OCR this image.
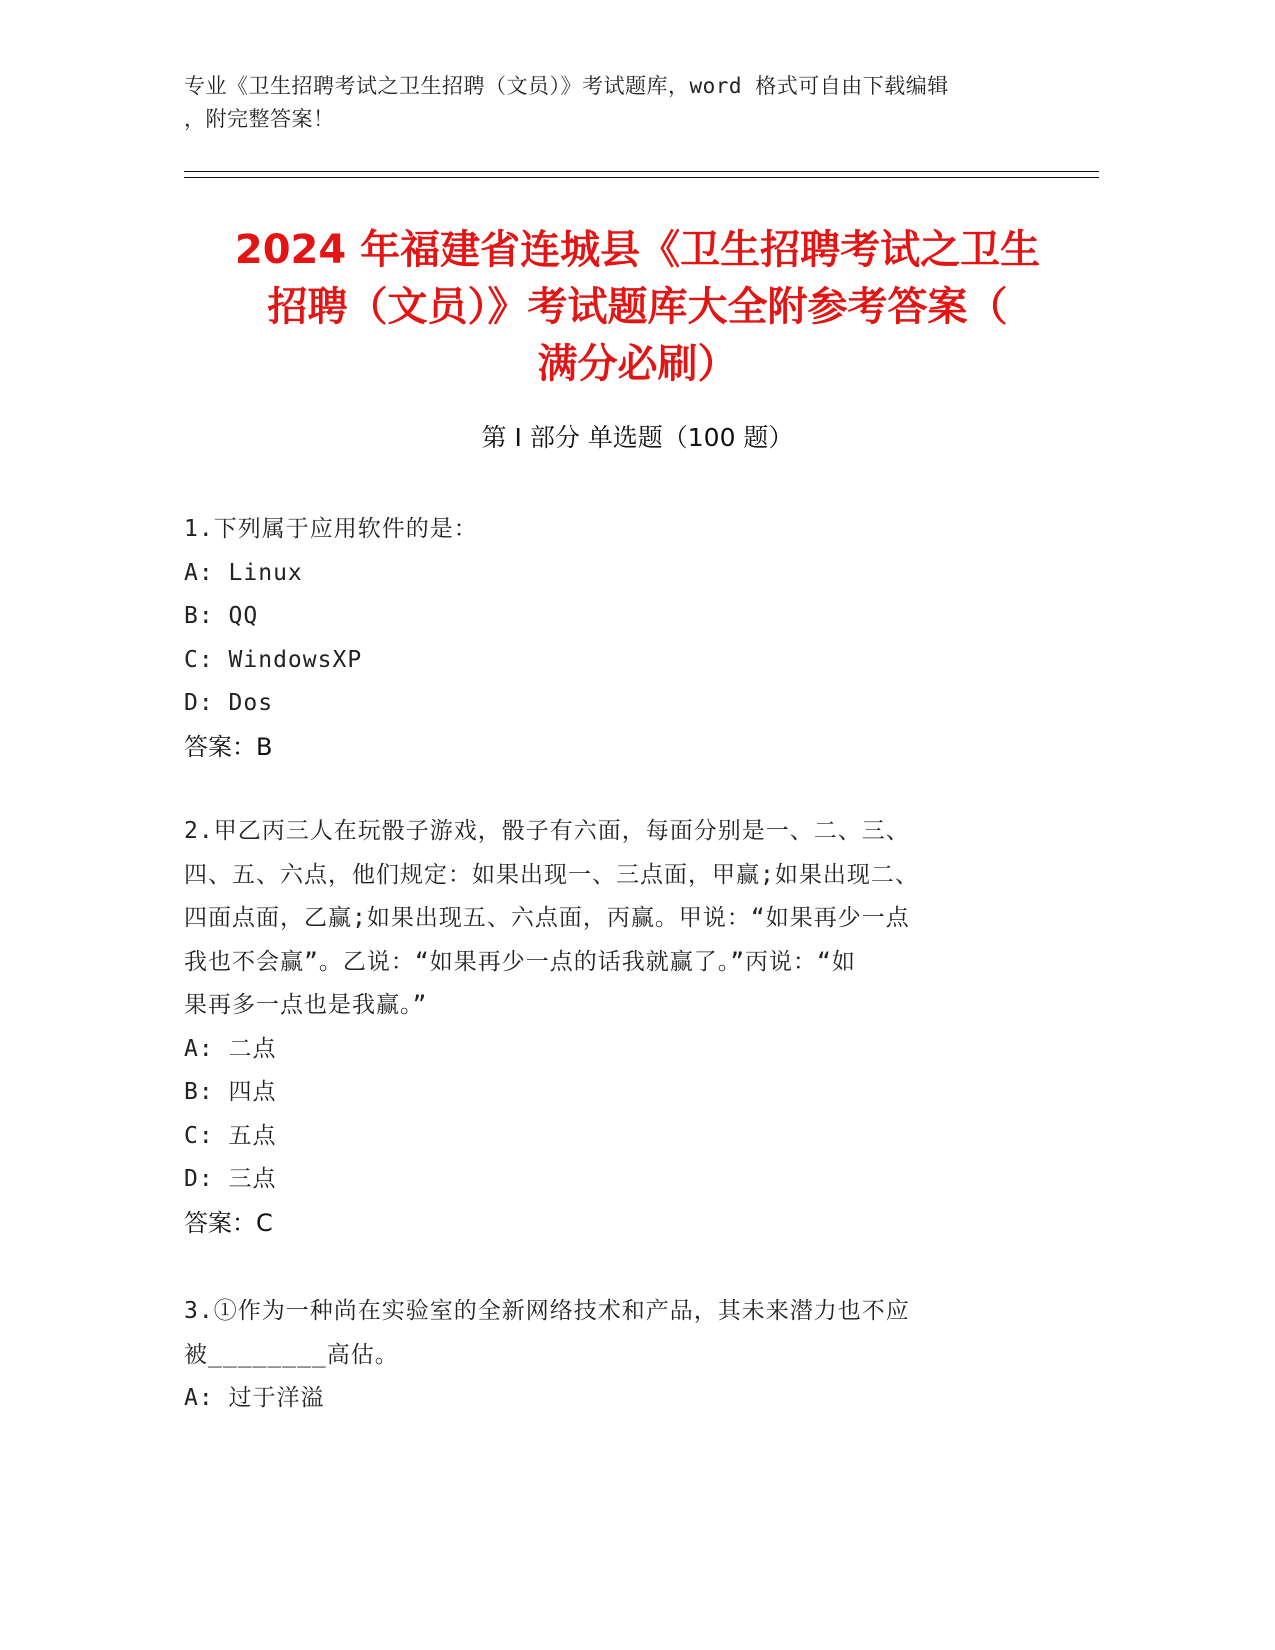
专业《卫生招聘考试之卫生招聘（文员）》考试题库，word 格式可自由下载编辑
，附完整答案！
2024 年福建省连城县《卫生招聘考试之卫生
招聘（文员）》考试题库大全附参考答案（
满分必刷）
第 I 部分 单选题（100 题）
1.下列属于应用软件的是：
A: Linux
B: QQ
C: WindowsXP
D: Dos
答案：B
2.甲乙丙三人在玩骰子游戏，骰子有六面，每面分别是一、二、三、
四、五、六点，他们规定：如果出现一、三点面，甲赢;如果出现二、
四面点面，乙赢;如果出现五、六点面，丙赢。甲说：“如果再少一点
我也不会赢”。乙说：“如果再少一点的话我就赢了。”丙说：“如
果再多一点也是我赢。”
A: 二点
B: 四点
C: 五点
D: 三点
答案：C
3.①作为一种尚在实验室的全新网络技术和产品，其未来潜力也不应
被________高估。
A: 过于洋溢
